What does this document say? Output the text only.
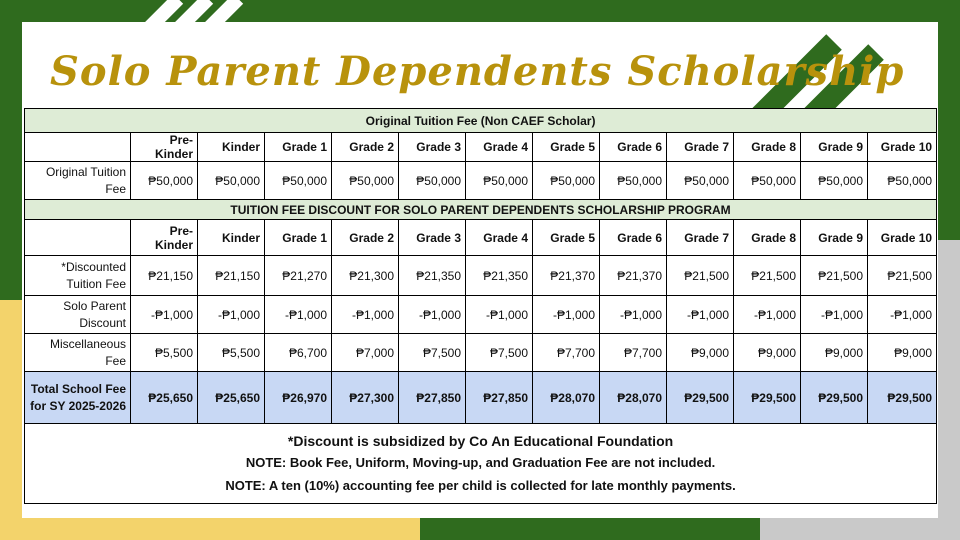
Solo Parent Dependents Scholarship
Original Tuition Fee (Non CAEF Scholar)												
	Pre-Kinder	Kinder	Grade 1	Grade 2	Grade 3	Grade 4	Grade 5	Grade 6	Grade 7	Grade 8	Grade 9	Grade 10
Original Tuition
Fee	₱50,000	₱50,000	₱50,000	₱50,000	₱50,000	₱50,000	₱50,000	₱50,000	₱50,000	₱50,000	₱50,000	₱50,000
TUITION FEE DISCOUNT FOR SOLO PARENT DEPENDENTS SCHOLARSHIP PROGRAM												
	Pre-Kinder	Kinder	Grade 1	Grade 2	Grade 3	Grade 4	Grade 5	Grade 6	Grade 7	Grade 8	Grade 9	Grade 10
*Discounted
Tuition Fee	₱21,150	₱21,150	₱21,270	₱21,300	₱21,350	₱21,350	₱21,370	₱21,370	₱21,500	₱21,500	₱21,500	₱21,500
Solo Parent
Discount	-₱1,000	-₱1,000	-₱1,000	-₱1,000	-₱1,000	-₱1,000	-₱1,000	-₱1,000	-₱1,000	-₱1,000	-₱1,000	-₱1,000
Miscellaneous Fee	₱5,500	₱5,500	₱6,700	₱7,000	₱7,500	₱7,500	₱7,700	₱7,700	₱9,000	₱9,000	₱9,000	₱9,000
Total School Fee
for SY 2025-2026	₱25,650	₱25,650	₱26,970	₱27,300	₱27,850	₱27,850	₱28,070	₱28,070	₱29,500	₱29,500	₱29,500	₱29,500

*Discount is subsidized by Co An Educational Foundation
NOTE: Book Fee, Uniform, Moving-up, and Graduation Fee are not included.
NOTE: A ten (10%) accounting fee per child is collected for late monthly payments.												
